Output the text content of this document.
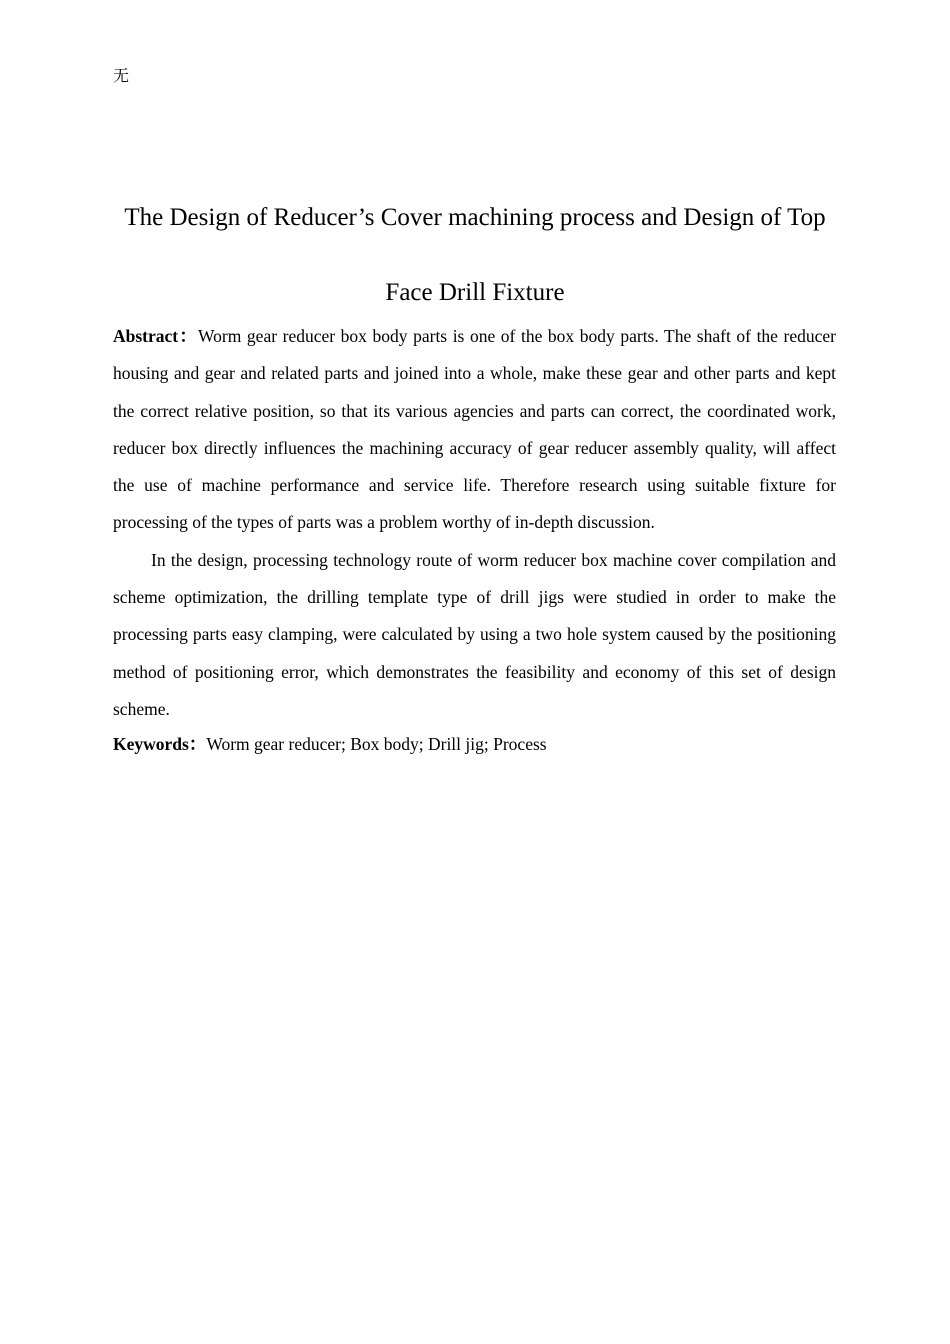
无
The Design of Reducer’s Cover machining process and Design of Top
Face Drill Fixture

Abstract：Worm gear reducer box body parts is one of the box body parts. The shaft of the reducer housing and gear and related parts and joined into a whole, make these gear and other parts and kept the correct relative position, so that its various agencies and parts can correct, the coordinated work, reducer box directly influences the machining accuracy of gear reducer assembly quality, will affect the use of machine performance and service life. Therefore research using suitable fixture for processing of the types of parts was a problem worthy of in-depth discussion.

In the design, processing technology route of worm reducer box machine cover compilation and scheme optimization, the drilling template type of drill jigs were studied in order to make the processing parts easy clamping, were calculated by using a two hole system caused by the positioning method of positioning error, which demonstrates the feasibility and economy of this set of design scheme.

Keywords：Worm gear reducer; Box body; Drill jig; Process
